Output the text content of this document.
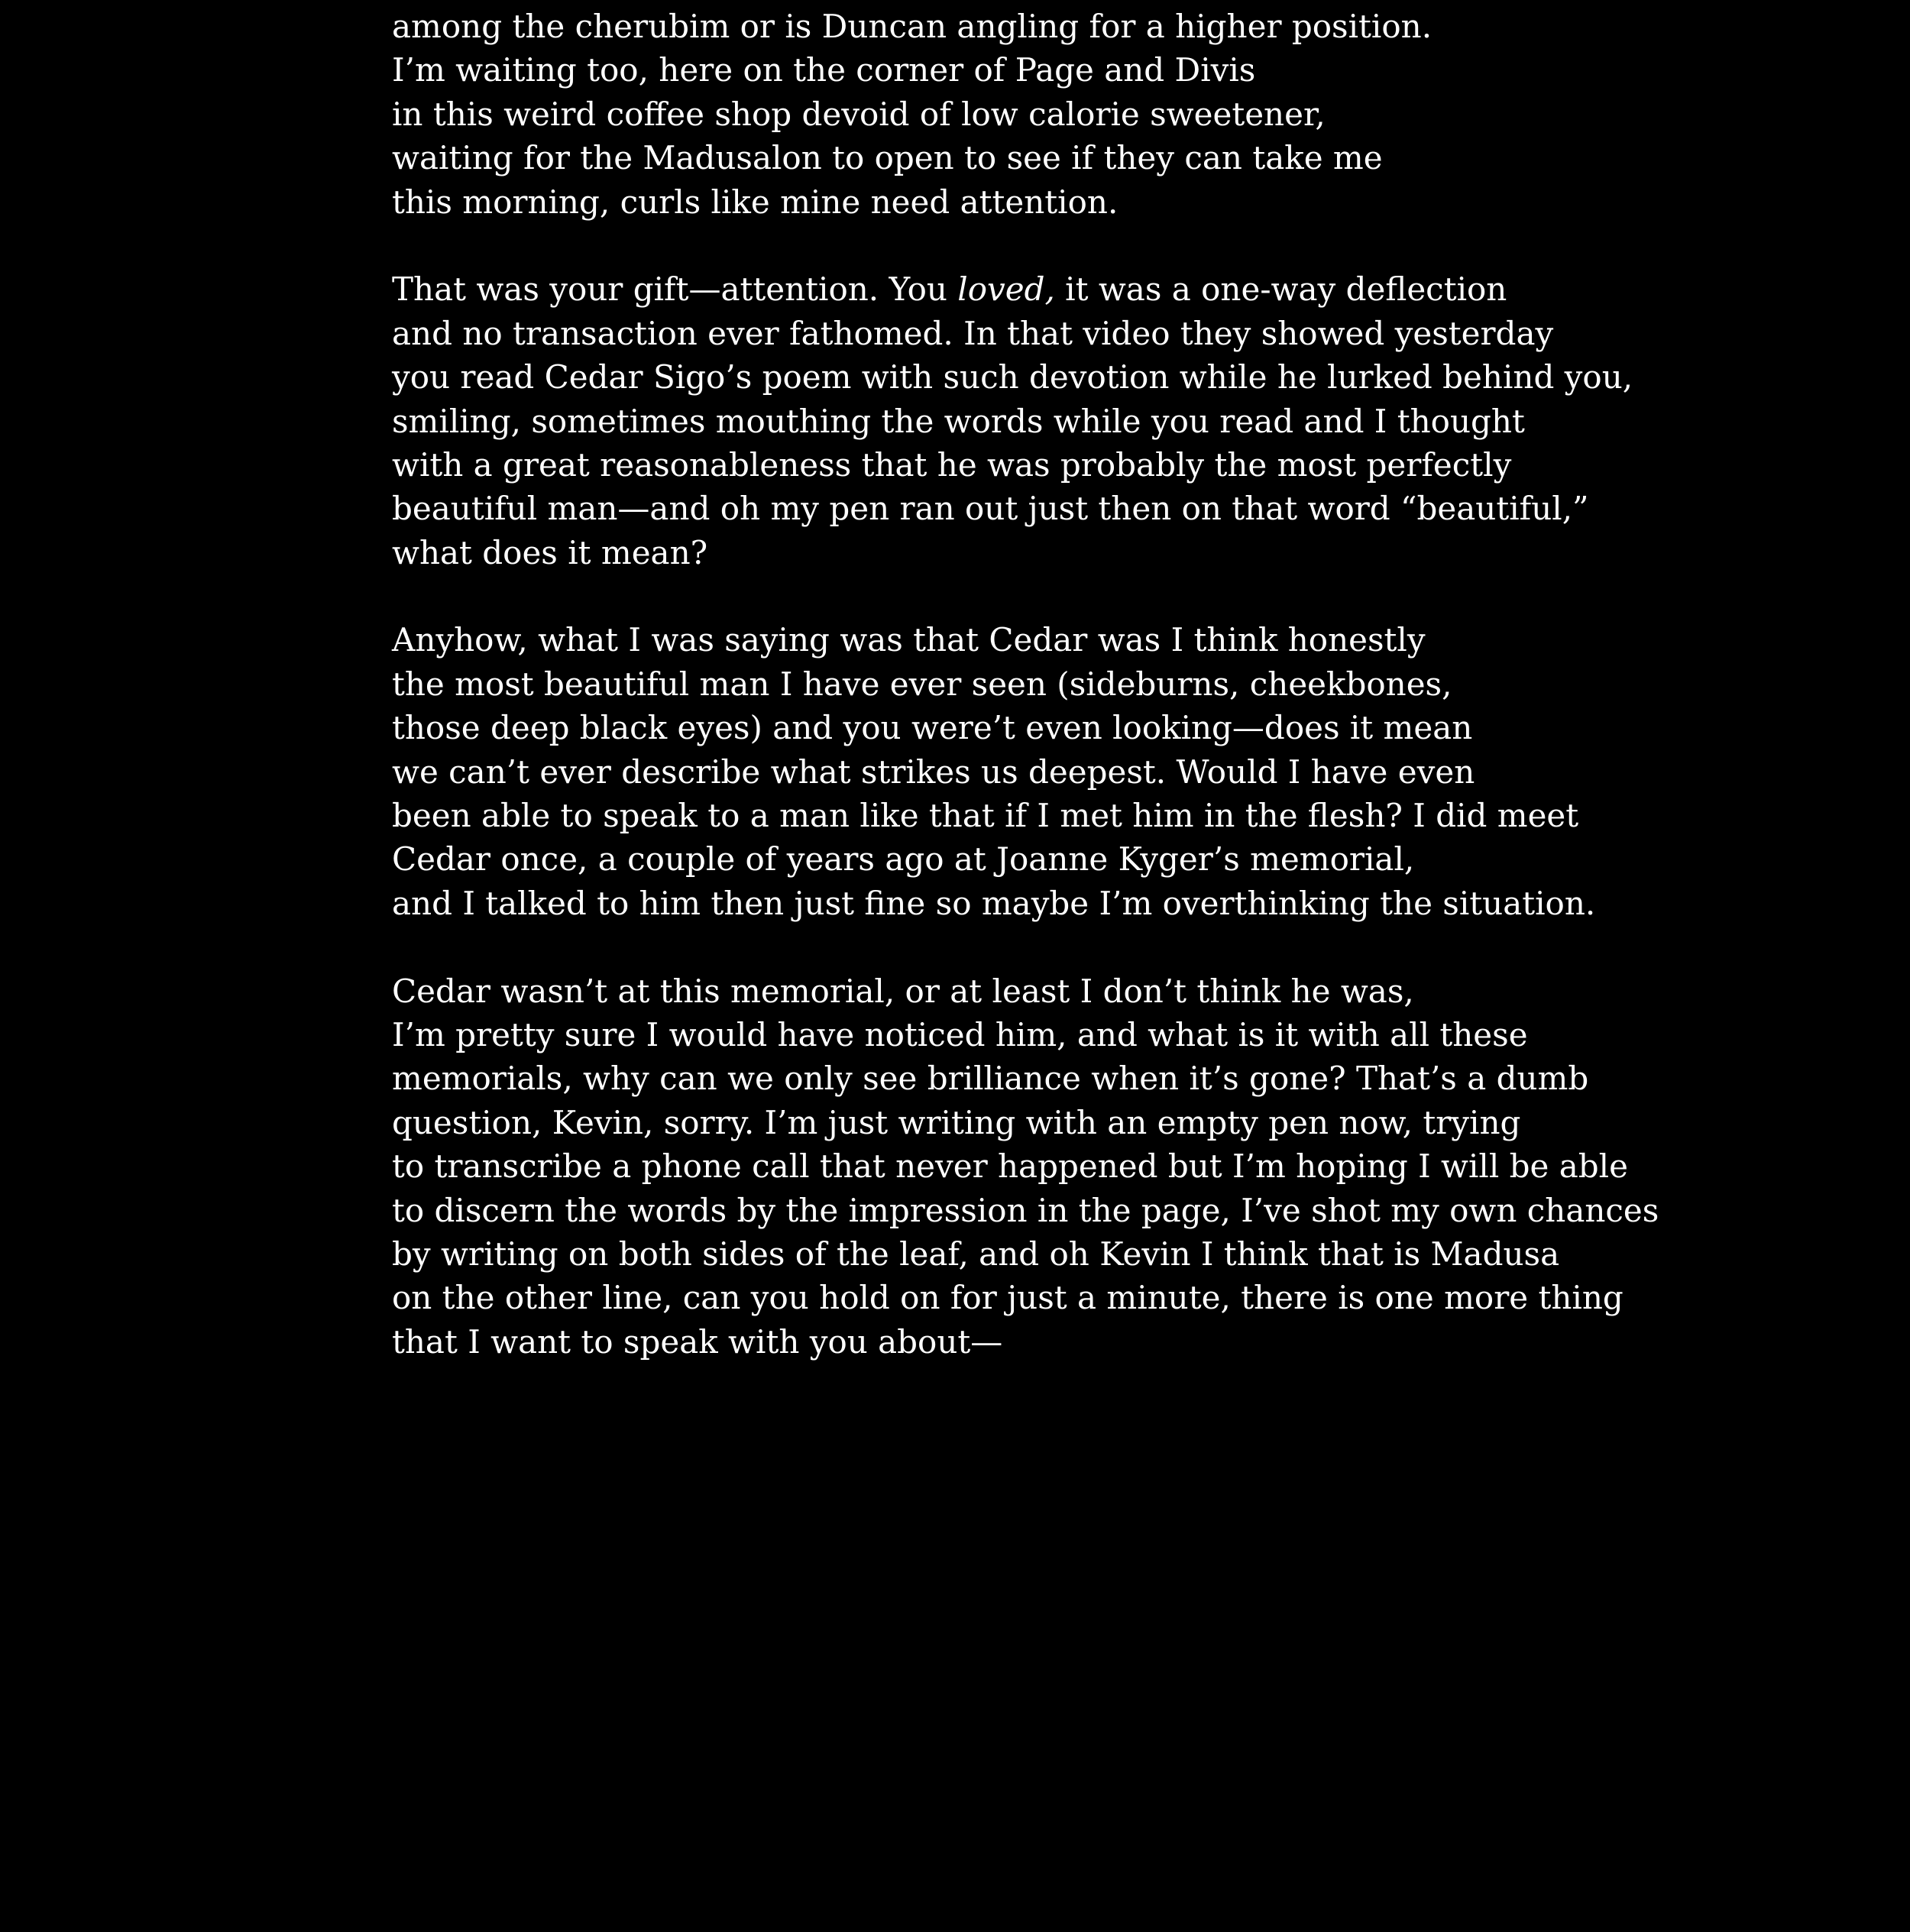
among the cherubim or is Duncan angling for a higher position.
I’m waiting too, here on the corner of Page and Divis
in this weird coffee shop devoid of low calorie sweetener,
waiting for the Madusalon to open to see if they can take me
this morning, curls like mine need attention.
That was your gift—attention. You loved, it was a one-way deflection
and no transaction ever fathomed. In that video they showed yesterday
you read Cedar Sigo’s poem with such devotion while he lurked behind you,
smiling, sometimes mouthing the words while you read and I thought
with a great reasonableness that he was probably the most perfectly
beautiful man—and oh my pen ran out just then on that word “beautiful,”
what does it mean?
Anyhow, what I was saying was that Cedar was I think honestly
the most beautiful man I have ever seen (sideburns, cheekbones,
those deep black eyes) and you were’t even looking—does it mean
we can’t ever describe what strikes us deepest. Would I have even
been able to speak to a man like that if I met him in the flesh? I did meet
Cedar once, a couple of years ago at Joanne Kyger’s memorial,
and I talked to him then just fine so maybe I’m overthinking the situation.
Cedar wasn’t at this memorial, or at least I don’t think he was,
I’m pretty sure I would have noticed him, and what is it with all these
memorials, why can we only see brilliance when it’s gone? That’s a dumb
question, Kevin, sorry. I’m just writing with an empty pen now, trying
to transcribe a phone call that never happened but I’m hoping I will be able
to discern the words by the impression in the page, I’ve shot my own chances
by writing on both sides of the leaf, and oh Kevin I think that is Madusa
on the other line, can you hold on for just a minute, there is one more thing
that I want to speak with you about—
